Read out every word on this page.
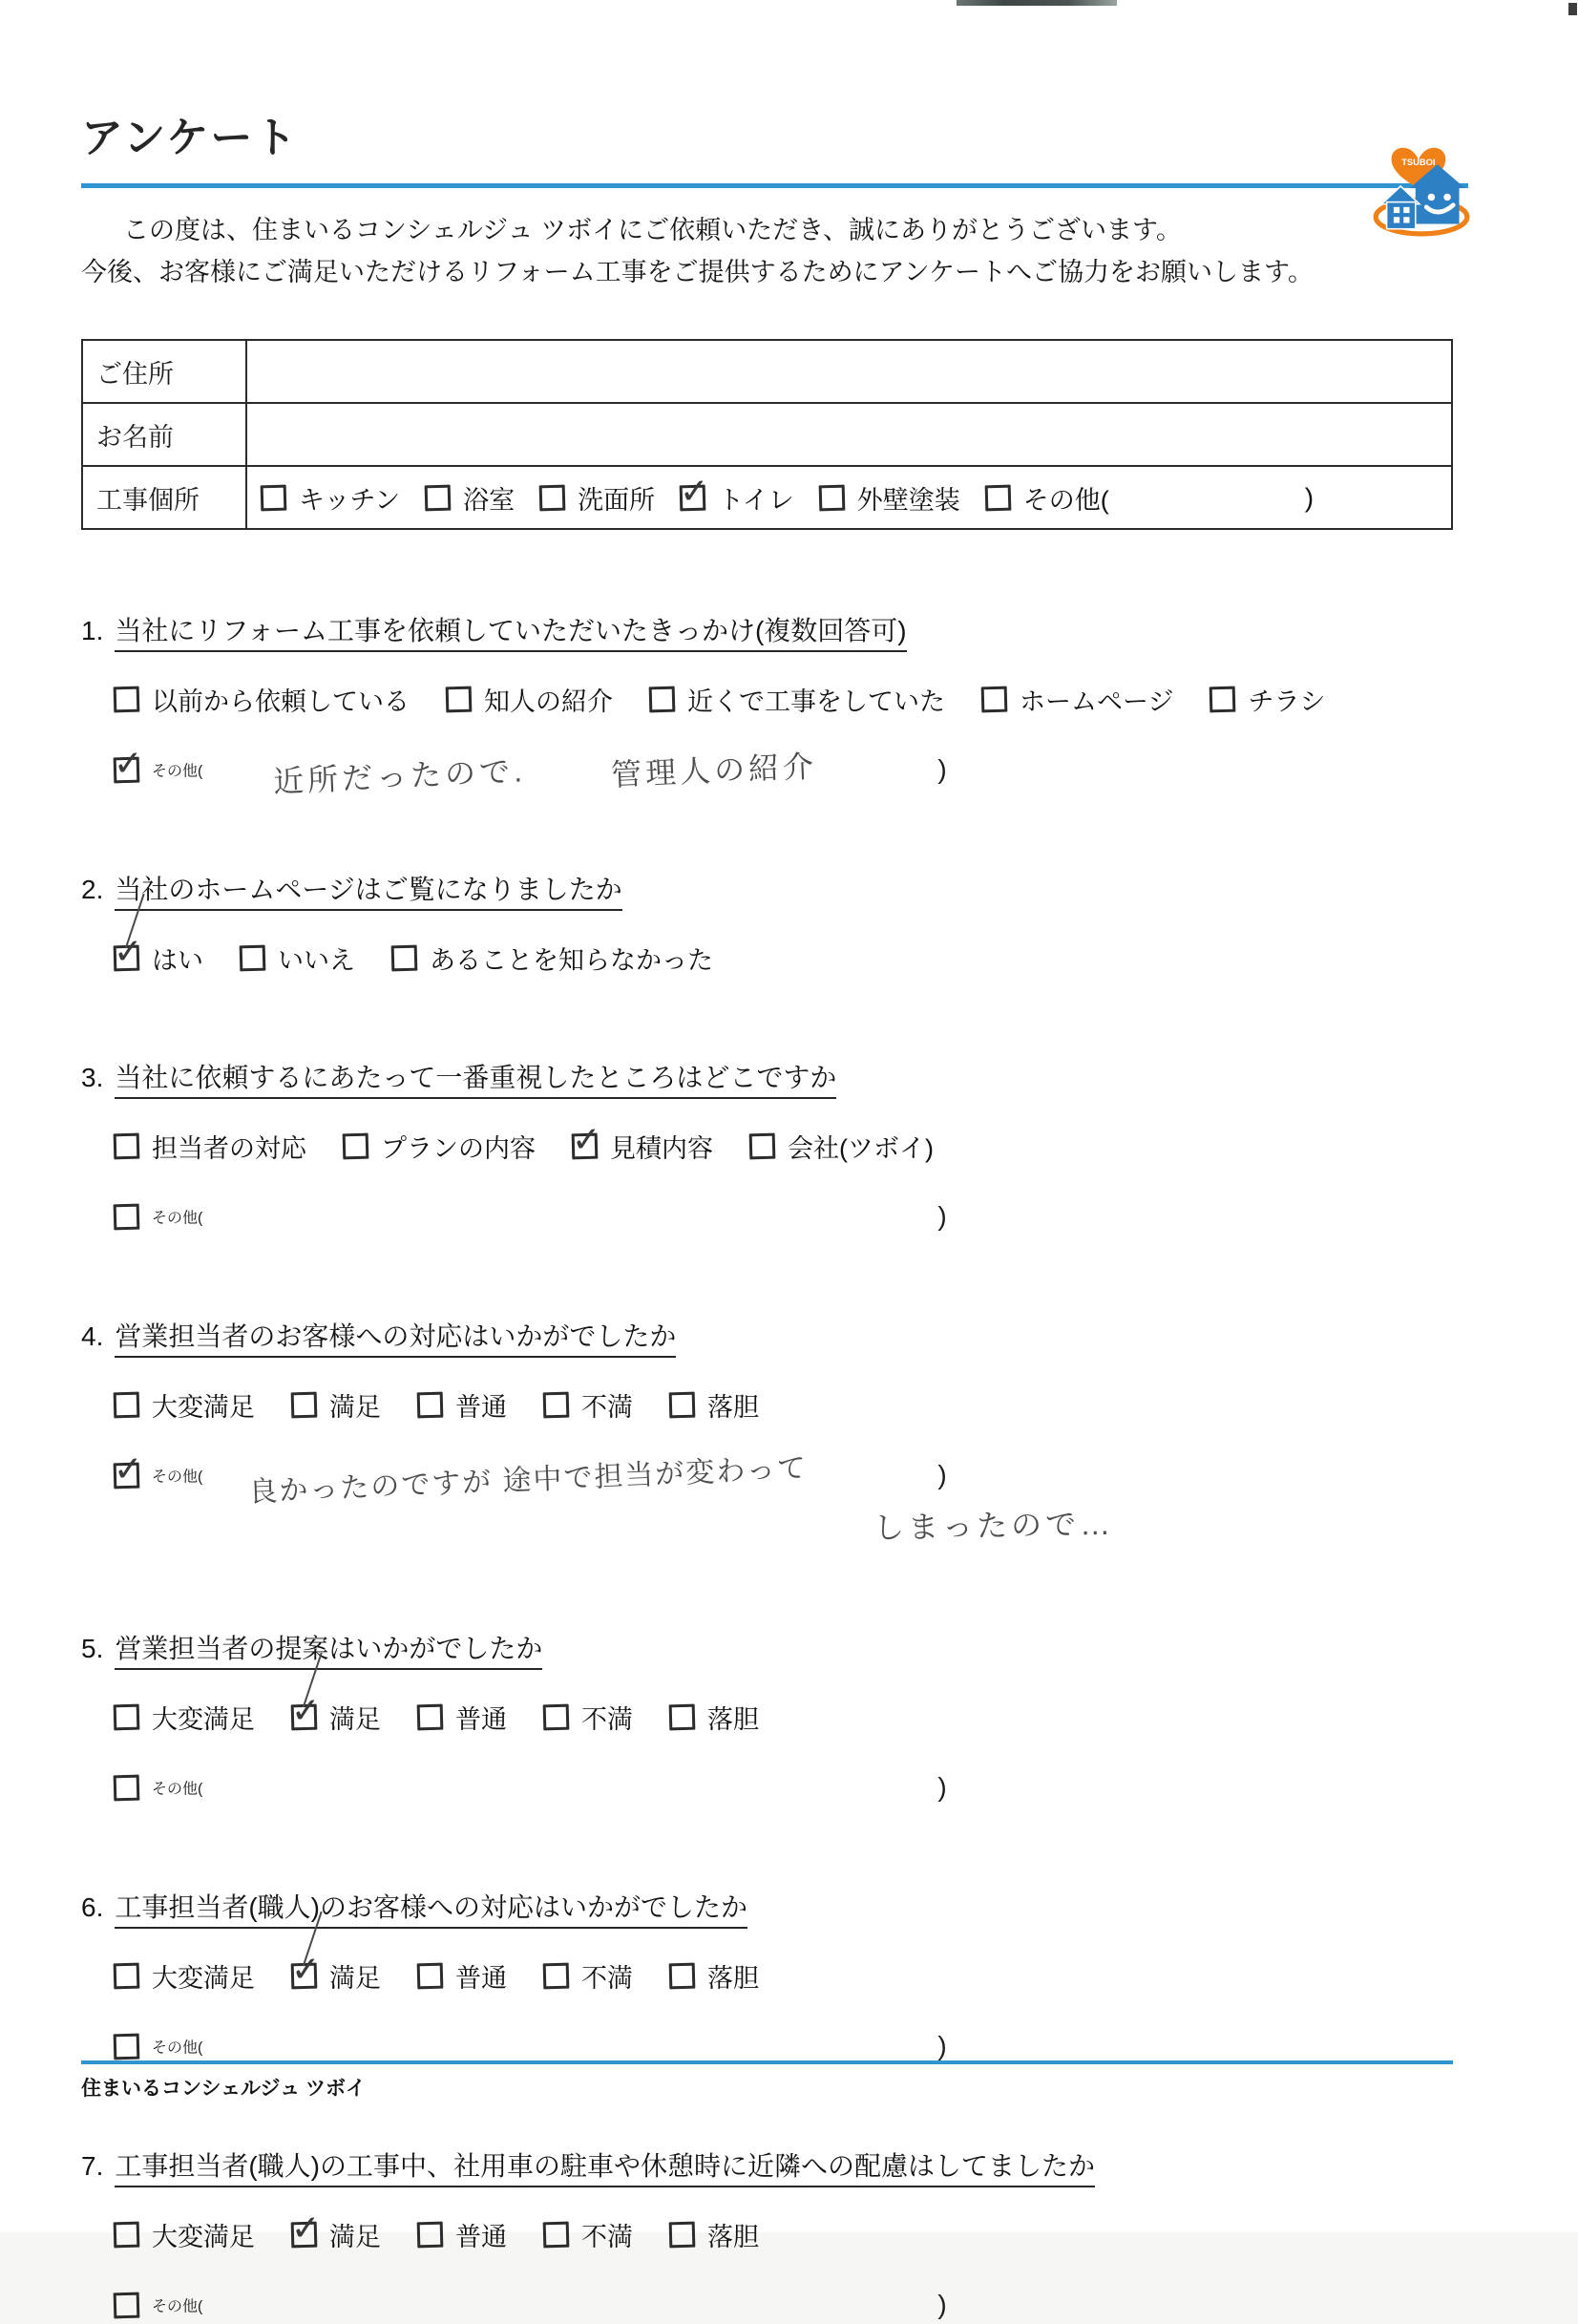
TSUBOI
アンケート

この度は、住まいるコンシェルジュ ツボイにご依頼いただき、誠にありがとうございます。

今後、お客様にご満足いただけるリフォーム工事をご提供するためにアンケートへご協力をお願いします。

ご住所	
お名前	
工事個所	キッチン 浴室 洗面所 ✓ トイレ 外壁塗装 その他( )
1. 当社にリフォーム工事を依頼していただいたきっかけ(複数回答可)
以前から依頼している	知人の紹介	近くで工事をしていた	ホームページ	チラシ
✓ その他( 近所だったので.	管理人の紹介	)
2. 当社のホームページはご覧になりましたか
✓ はい	いいえ	あることを知らなかった
3. 当社に依頼するにあたって一番重視したところはどこですか
担当者の対応	プランの内容 ✓ 見積内容	会社(ツボイ)
その他(	)
4. 営業担当者のお客様への対応はいかがでしたか
大変満足	満足	普通	不満	落胆
✓ その他( 良かったのですが 途中で担当が変わって	)
しまったので…
5. 営業担当者の提案はいかがでしたか
大変満足 ✓ 満足	普通	不満	落胆
その他(	)
6. 工事担当者(職人)のお客様への対応はいかがでしたか
大変満足 ✓ 満足	普通	不満	落胆
その他(	)
7. 工事担当者(職人)の工事中、社用車の駐車や休憩時に近隣への配慮はしてましたか
大変満足 ✓ 満足	普通	不満	落胆
その他(	)
住まいるコンシェルジュ ツボイ
